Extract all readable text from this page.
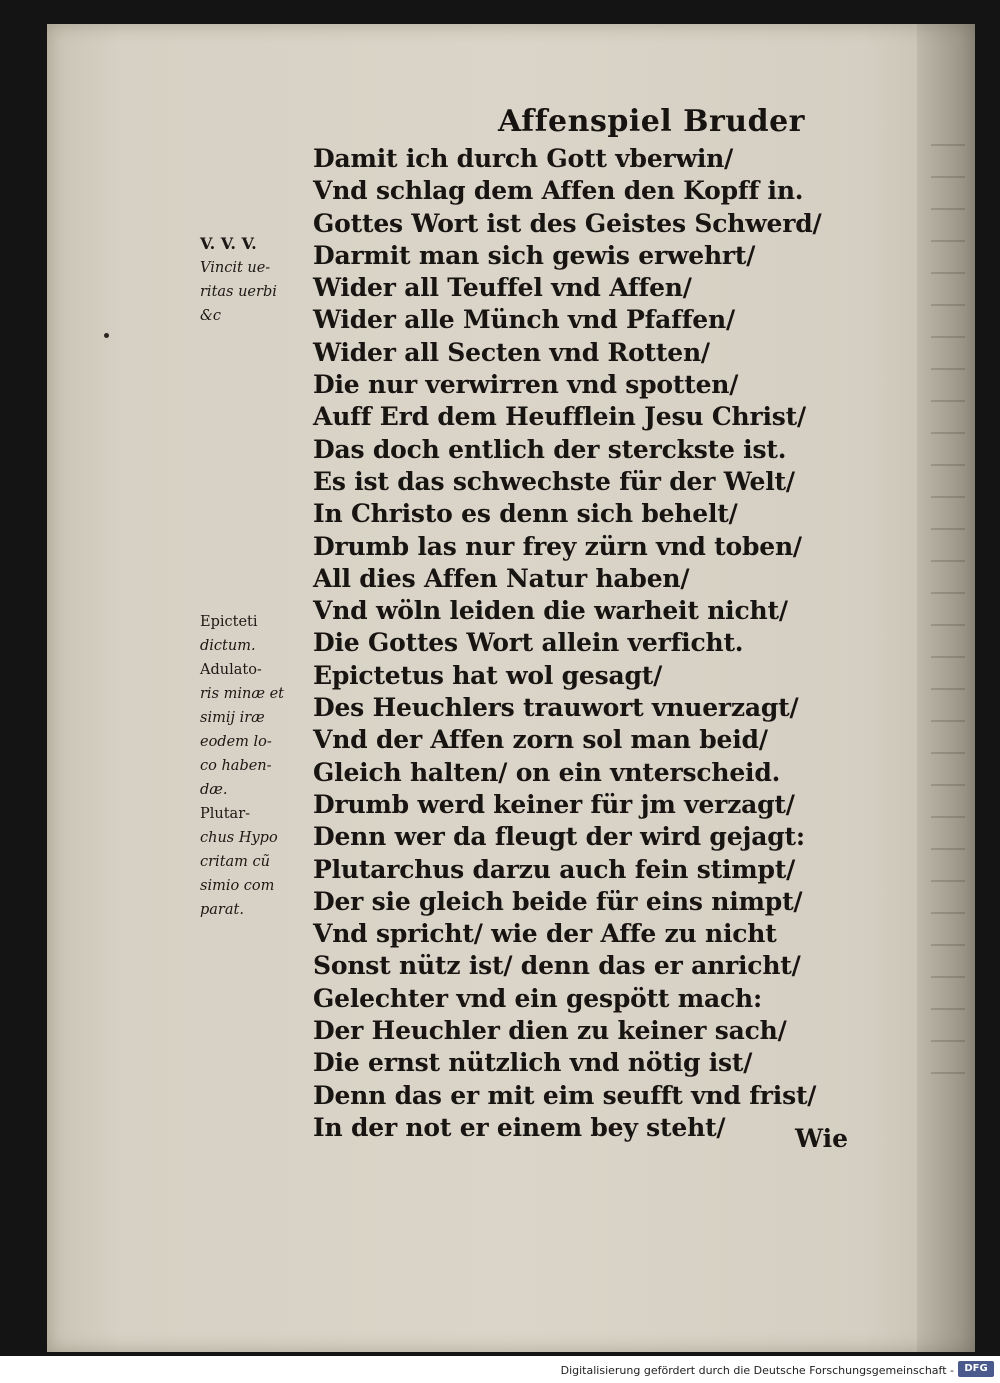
Affenspiel Bruder
Damit ich durch Gott vberwin/
Vnd schlag dem Affen den Kopff in.
Gottes Wort ist des Geistes Schwerd/
Darmit man sich gewis erwehrt/
Wider all Teuffel vnd Affen/
Wider alle Münch vnd Pfaffen/
Wider all Secten vnd Rotten/
Die nur verwirren vnd spotten/
Auff Erd dem Heufflein Jesu Christ/
Das doch entlich der sterckste ist.
Es ist das schwechste für der Welt/
In Christo es denn sich behelt/
Drumb las nur frey zürn vnd toben/
All dies Affen Natur haben/
Vnd wöln leiden die warheit nicht/
Die Gottes Wort allein verficht.
Epictetus hat wol gesagt/
Des Heuchlers trauwort vnuerzagt/
Vnd der Affen zorn sol man beid/
Gleich halten/ on ein vnterscheid.
Drumb werd keiner für jm verzagt/
Denn wer da fleugt der wird gejagt:
Plutarchus darzu auch fein stimpt/
Der sie gleich beide für eins nimpt/
Vnd spricht/ wie der Affe zu nicht
Sonst nütz ist/ denn das er anricht/
Gelechter vnd ein gespött mach:
Der Heuchler dien zu keiner sach/
Die ernst nützlich vnd nötig ist/
Denn das er mit eim seufft vnd frist/
In der not er einem bey steht/
V. V. V.
Vincit ue-
ritas uerbi
&c
Epicteti
dictum.
Adulato-
ris minæ et
simij iræ
eodem lo-
co haben-
dæ.
Plutar-
chus Hypo
critam cũ
simio com
parat.
Wie
Digitalisierung gefördert durch die Deutsche Forschungsgemeinschaft -	DFG
